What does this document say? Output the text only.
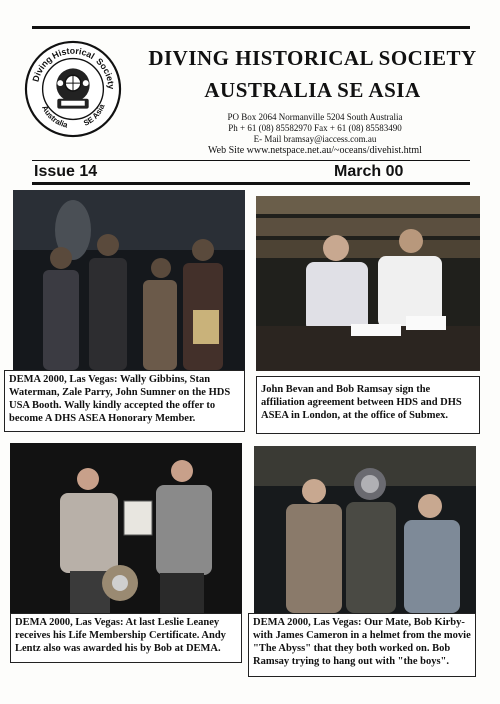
Diving
Historical
Society
Australia SE Asia
DIVING HISTORICAL SOCIETY
AUSTRALIA SE ASIA
PO Box 2064 Normanville 5204 South Australia
Ph + 61 (08) 85582970 Fax + 61 (08) 85583490
E- Mail bramsay@iaccess.com.au
Web Site www.netspace.net.au/~oceans/divehist.html
Issue 14	March 00
DEMA 2000, Las Vegas: Wally Gibbins, Stan Waterman, Zale Parry, John Sumner on the HDS USA Booth. Wally kindly accepted the offer to become A DHS ASEA Honorary Member.
John Bevan and Bob Ramsay sign the affiliation agreement between HDS and DHS ASEA in London, at the office of Submex.
DEMA 2000, Las Vegas: At last Leslie Leaney receives his Life Membership Certificate. Andy Lentz also was awarded his by Bob at DEMA.
DEMA 2000, Las Vegas: Our Mate, Bob Kirby-with James Cameron in a helmet from the movie "The Abyss" that they both worked on. Bob Ramsay trying to hang out with "the boys".
